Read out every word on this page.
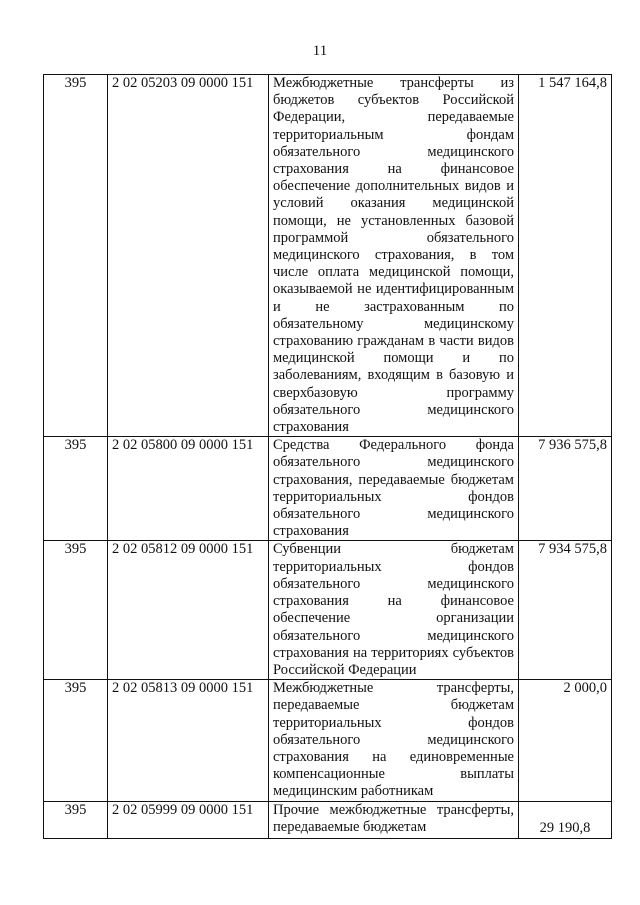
11
395	2 02 05203 09 0000 151	Межбюджетные трансферты из бюджетов субъектов Российской Федерации, передаваемые территориальным фондам обязательного медицинского страхования на финансовое обеспечение дополнительных видов и условий оказания медицинской помощи, не установленных базовой программой обязательного медицинского страхования, в том числе оплата медицинской помощи, оказываемой не идентифицированным и не застрахованным по обязательному медицинскому страхованию гражданам в части видов медицинской помощи и по заболеваниям, входящим в базовую и сверхбазовую программу обязательного медицинского страхования	1 547 164,8
395	2 02 05800 09 0000 151	Средства Федерального фонда обязательного медицинского страхования, передаваемые бюджетам территориальных фондов обязательного медицинского страхования	7 936 575,8
395	2 02 05812 09 0000 151	Субвенции бюджетам территориальных фондов обязательного медицинского страхования на финансовое обеспечение организации обязательного медицинского страхования на территориях субъектов Российской Федерации	7 934 575,8
395	2 02 05813 09 0000 151	Межбюджетные трансферты, передаваемые бюджетам территориальных фондов обязательного медицинского страхования на единовременные компенсационные выплаты медицинским работникам	2 000,0
395	2 02 05999 09 0000 151	Прочие межбюджетные трансферты, передаваемые бюджетам	29 190,8
